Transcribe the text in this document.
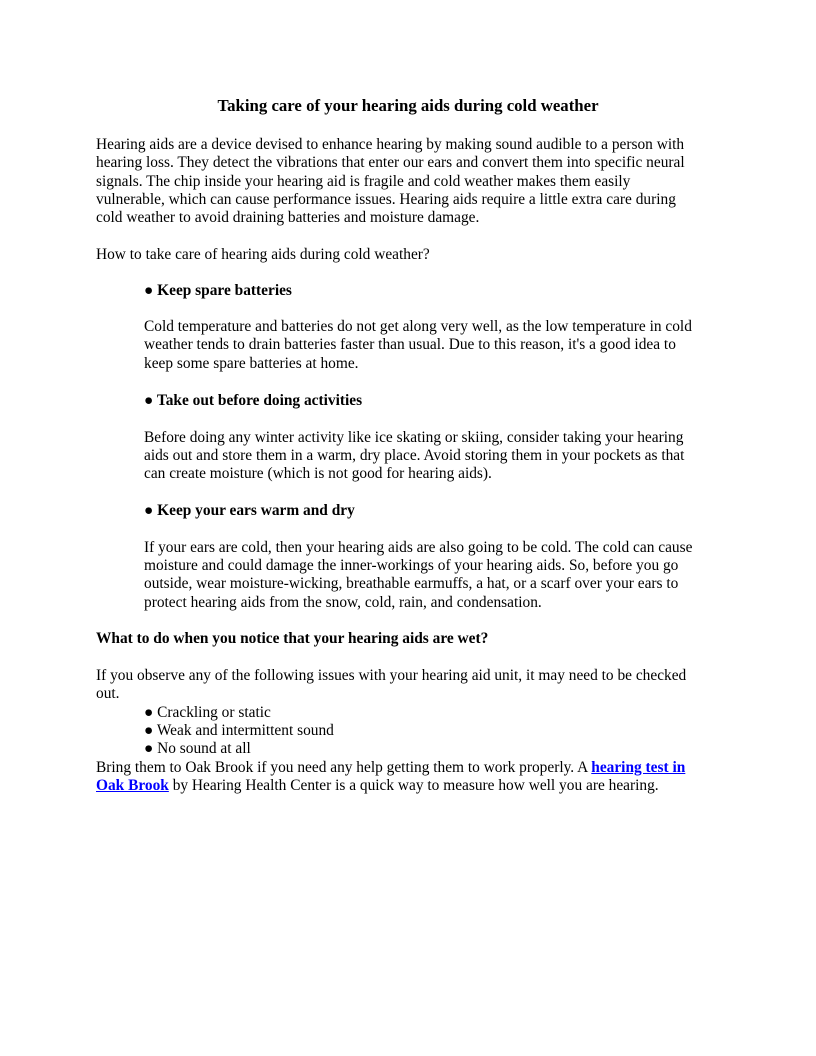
Taking care of your hearing aids during cold weather
Hearing aids are a device devised to enhance hearing by making sound audible to a person with
hearing loss. They detect the vibrations that enter our ears and convert them into specific neural
signals. The chip inside your hearing aid is fragile and cold weather makes them easily
vulnerable, which can cause performance issues. Hearing aids require a little extra care during
cold weather to avoid draining batteries and moisture damage.
How to take care of hearing aids during cold weather?
● Keep spare batteries
Cold temperature and batteries do not get along very well, as the low temperature in cold
weather tends to drain batteries faster than usual. Due to this reason, it's a good idea to
keep some spare batteries at home.
● Take out before doing activities
Before doing any winter activity like ice skating or skiing, consider taking your hearing
aids out and store them in a warm, dry place. Avoid storing them in your pockets as that
can create moisture (which is not good for hearing aids).
● Keep your ears warm and dry
If your ears are cold, then your hearing aids are also going to be cold. The cold can cause
moisture and could damage the inner-workings of your hearing aids. So, before you go
outside, wear moisture-wicking, breathable earmuffs, a hat, or a scarf over your ears to
protect hearing aids from the snow, cold, rain, and condensation.
What to do when you notice that your hearing aids are wet?
If you observe any of the following issues with your hearing aid unit, it may need to be checked
out.
● Crackling or static
● Weak and intermittent sound
● No sound at all
Bring them to Oak Brook if you need any help getting them to work properly. A hearing test in
Oak Brook by Hearing Health Center is a quick way to measure how well you are hearing.
